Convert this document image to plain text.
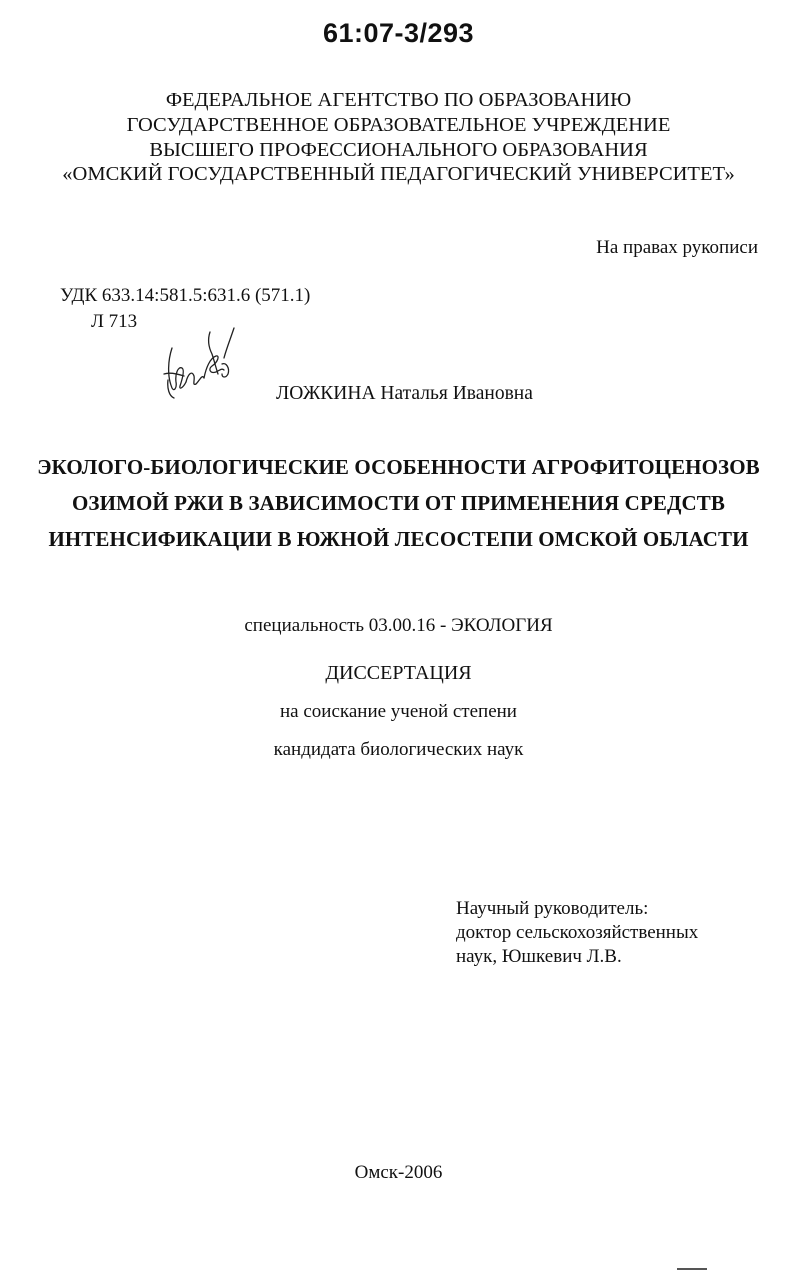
61:07-3/293
ФЕДЕРАЛЬНОЕ АГЕНТСТВО ПО ОБРАЗОВАНИЮ
ГОСУДАРСТВЕННОЕ ОБРАЗОВАТЕЛЬНОЕ УЧРЕЖДЕНИЕ
ВЫСШЕГО ПРОФЕССИОНАЛЬНОГО ОБРАЗОВАНИЯ
«ОМСКИЙ ГОСУДАРСТВЕННЫЙ ПЕДАГОГИЧЕСКИЙ УНИВЕРСИТЕТ»
На правах рукописи
УДК 633.14:581.5:631.6 (571.1)
Л 713
ЛОЖКИНА Наталья Ивановна
ЭКОЛОГО-БИОЛОГИЧЕСКИЕ ОСОБЕННОСТИ АГРОФИТОЦЕНОЗОВ
ОЗИМОЙ РЖИ В ЗАВИСИМОСТИ ОТ ПРИМЕНЕНИЯ СРЕДСТВ
ИНТЕНСИФИКАЦИИ В ЮЖНОЙ ЛЕСОСТЕПИ ОМСКОЙ ОБЛАСТИ
специальность 03.00.16 - ЭКОЛОГИЯ
ДИССЕРТАЦИЯ
на соискание ученой степени
кандидата биологических наук
Научный руководитель:
доктор сельскохозяйственных
наук, Юшкевич Л.В.
Омск-2006
